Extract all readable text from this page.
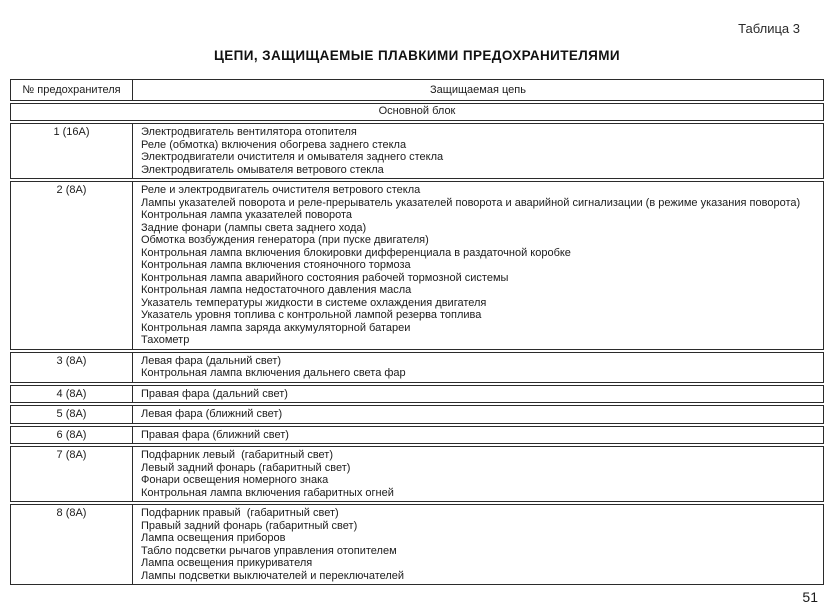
Таблица 3
ЦЕПИ, ЗАЩИЩАЕМЫЕ ПЛАВКИМИ ПРЕДОХРАНИТЕЛЯМИ
№ предохранителя	Защищаемая цепь
Основной блок
1 (16А)	Электродвигатель вентилятора отопителя
Реле (обмотка) включения обогрева заднего стекла
Электродвигатели очистителя и омывателя заднего стекла
Электродвигатель омывателя ветрового стекла
2 (8А)	Реле и электродвигатель очистителя ветрового стекла
Лампы указателей поворота и реле-прерыватель указателей поворота и аварийной сигнализации (в режиме указания поворота)
Контрольная лампа указателей поворота
Задние фонари (лампы света заднего хода)
Обмотка возбуждения генератора (при пуске двигателя)
Контрольная лампа включения блокировки дифференциала в раздаточной коробке
Контрольная лампа включения стояночного тормоза
Контрольная лампа аварийного состояния рабочей тормозной системы
Контрольная лампа недостаточного давления масла
Указатель температуры жидкости в системе охлаждения двигателя
Указатель уровня топлива с контрольной лампой резерва топлива
Контрольная лампа заряда аккумуляторной батареи
Тахометр
3 (8А)	Левая фара (дальний свет)
Контрольная лампа включения дальнего света фар
4 (8А)	Правая фара (дальний свет)
5 (8А)	Левая фара (ближний свет)
6 (8А)	Правая фара (ближний свет)
7 (8А)	Подфарник левый  (габаритный свет)
Левый задний фонарь (габаритный свет)
Фонари освещения номерного знака
Контрольная лампа включения габаритных огней
8 (8А)	Подфарник правый  (габаритный свет)
Правый задний фонарь (габаритный свет)
Лампа освещения приборов
Табло подсветки рычагов управления отопителем
Лампа освещения прикуривателя
Лампы подсветки выключателей и переключателей
51
